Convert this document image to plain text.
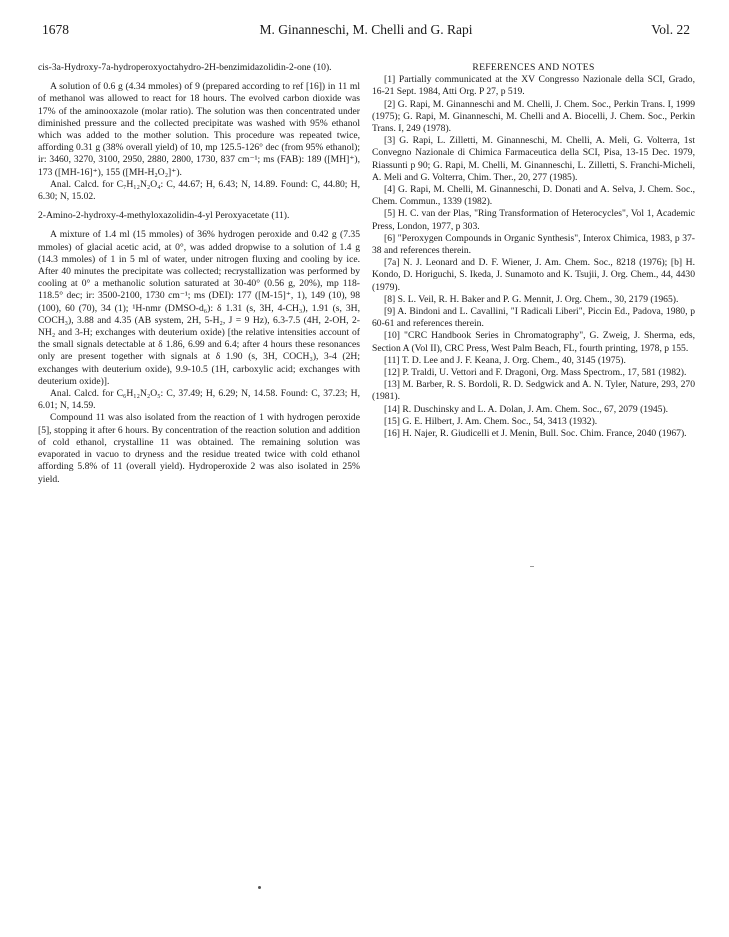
1678	M. Ginanneschi, M. Chelli and G. Rapi	Vol. 22

cis-3a-Hydroxy-7a-hydroperoxyoctahydro-2H-benzimidazolidin-2-one (10).

A solution of 0.6 g (4.34 mmoles) of 9 (prepared according to ref [16]) in 11 ml of methanol was allowed to react for 18 hours. The evolved carbon dioxide was 17% of the aminooxazole (molar ratio). The solution was then concentrated under diminished pressure and the collected precipitate was washed with 95% ethanol which was added to the mother solution. This procedure was repeated twice, affording 0.31 g (38% overall yield) of 10, mp 125.5-126° dec (from 95% ethanol); ir: 3460, 3270, 3100, 2950, 2880, 2800, 1730, 837 cm⁻¹; ms (FAB): 189 ([MH]⁺), 173 ([MH-16]⁺), 155 ([MH-H₂O₂]⁺).

Anal. Calcd. for C₇H₁₂N₂O₄: C, 44.67; H, 6.43; N, 14.89. Found: C, 44.80; H, 6.30; N, 15.02.

2-Amino-2-hydroxy-4-methyloxazolidin-4-yl Peroxyacetate (11).

A mixture of 1.4 ml (15 mmoles) of 36% hydrogen peroxide and 0.42 g (7.35 mmoles) of glacial acetic acid, at 0°, was added dropwise to a solution of 1.4 g (14.3 mmoles) of 1 in 5 ml of water, under nitrogen fluxing and cooling by ice. After 40 minutes the precipitate was collected; recrystallization was performed by cooling at 0° a methanolic solution saturated at 30-40° (0.56 g, 20%), mp 118-118.5° dec; ir: 3500-2100, 1730 cm⁻¹; ms (DEI): 177 ([M-15]⁺, 1), 149 (10), 98 (100), 60 (70), 34 (1); ¹H-nmr (DMSO-d₆): δ 1.31 (s, 3H, 4-CH₃), 1.91 (s, 3H, COCH₃), 3.88 and 4.35 (AB system, 2H, 5-H₂, J = 9 Hz), 6.3-7.5 (4H, 2-OH, 2-NH₂ and 3-H; exchanges with deuterium oxide) [the relative intensities account of the small signals detectable at δ 1.86, 6.99 and 6.4; after 4 hours these resonances only are present together with signals at δ 1.90 (s, 3H, COCH₃), 3-4 (2H; exchanges with deuterium oxide), 9.9-10.5 (1H, carboxylic acid; exchanges with deuterium oxide)].

Anal. Calcd. for C₆H₁₂N₂O₅: C, 37.49; H, 6.29; N, 14.58. Found: C, 37.23; H, 6.01; N, 14.59.

Compound 11 was also isolated from the reaction of 1 with hydrogen peroxide [5], stopping it after 6 hours. By concentration of the reaction solution and addition of cold ethanol, crystalline 11 was obtained. The remaining solution was evaporated in vacuo to dryness and the residue treated twice with cold ethanol affording 5.8% of 11 (overall yield). Hydroperoxide 2 was also isolated in 25% yield.

REFERENCES AND NOTES

[1] Partially communicated at the XV Congresso Nazionale della SCI, Grado, 16-21 Sept. 1984, Atti Org. P 27, p 519.

[2] G. Rapi, M. Ginanneschi and M. Chelli, J. Chem. Soc., Perkin Trans. I, 1999 (1975); G. Rapi, M. Ginanneschi, M. Chelli and A. Biocelli, J. Chem. Soc., Perkin Trans. I, 249 (1978).

[3] G. Rapi, L. Zilletti, M. Ginanneschi, M. Chelli, A. Meli, G. Volterra, 1st Convegno Nazionale di Chimica Farmaceutica della SCI, Pisa, 13-15 Dec. 1979, Riassunti p 90; G. Rapi, M. Chelli, M. Ginanneschi, L. Zilletti, S. Franchi-Micheli, A. Meli and G. Volterra, Chim. Ther., 20, 277 (1985).

[4] G. Rapi, M. Chelli, M. Ginanneschi, D. Donati and A. Selva, J. Chem. Soc., Chem. Commun., 1339 (1982).

[5] H. C. van der Plas, "Ring Transformation of Heterocycles", Vol 1, Academic Press, London, 1977, p 303.

[6] "Peroxygen Compounds in Organic Synthesis", Interox Chimica, 1983, p 37-38 and references therein.

[7a] N. J. Leonard and D. F. Wiener, J. Am. Chem. Soc., 8218 (1976); [b] H. Kondo, D. Horiguchi, S. Ikeda, J. Sunamoto and K. Tsujii, J. Org. Chem., 44, 4430 (1979).

[8] S. L. Veil, R. H. Baker and P. G. Mennit, J. Org. Chem., 30, 2179 (1965).

[9] A. Bindoni and L. Cavallini, "I Radicali Liberi", Piccin Ed., Padova, 1980, p 60-61 and references therein.

[10] "CRC Handbook Series in Chromatography", G. Zweig, J. Sherma, eds, Section A (Vol II), CRC Press, West Palm Beach, FL, fourth printing, 1978, p 155.

[11] T. D. Lee and J. F. Keana, J. Org. Chem., 40, 3145 (1975).

[12] P. Traldi, U. Vettori and F. Dragoni, Org. Mass Spectrom., 17, 581 (1982).

[13] M. Barber, R. S. Bordoli, R. D. Sedgwick and A. N. Tyler, Nature, 293, 270 (1981).

[14] R. Duschinsky and L. A. Dolan, J. Am. Chem. Soc., 67, 2079 (1945).

[15] G. E. Hilbert, J. Am. Chem. Soc., 54, 3413 (1932).

[16] H. Najer, R. Giudicelli et J. Menin, Bull. Soc. Chim. France, 2040 (1967).
